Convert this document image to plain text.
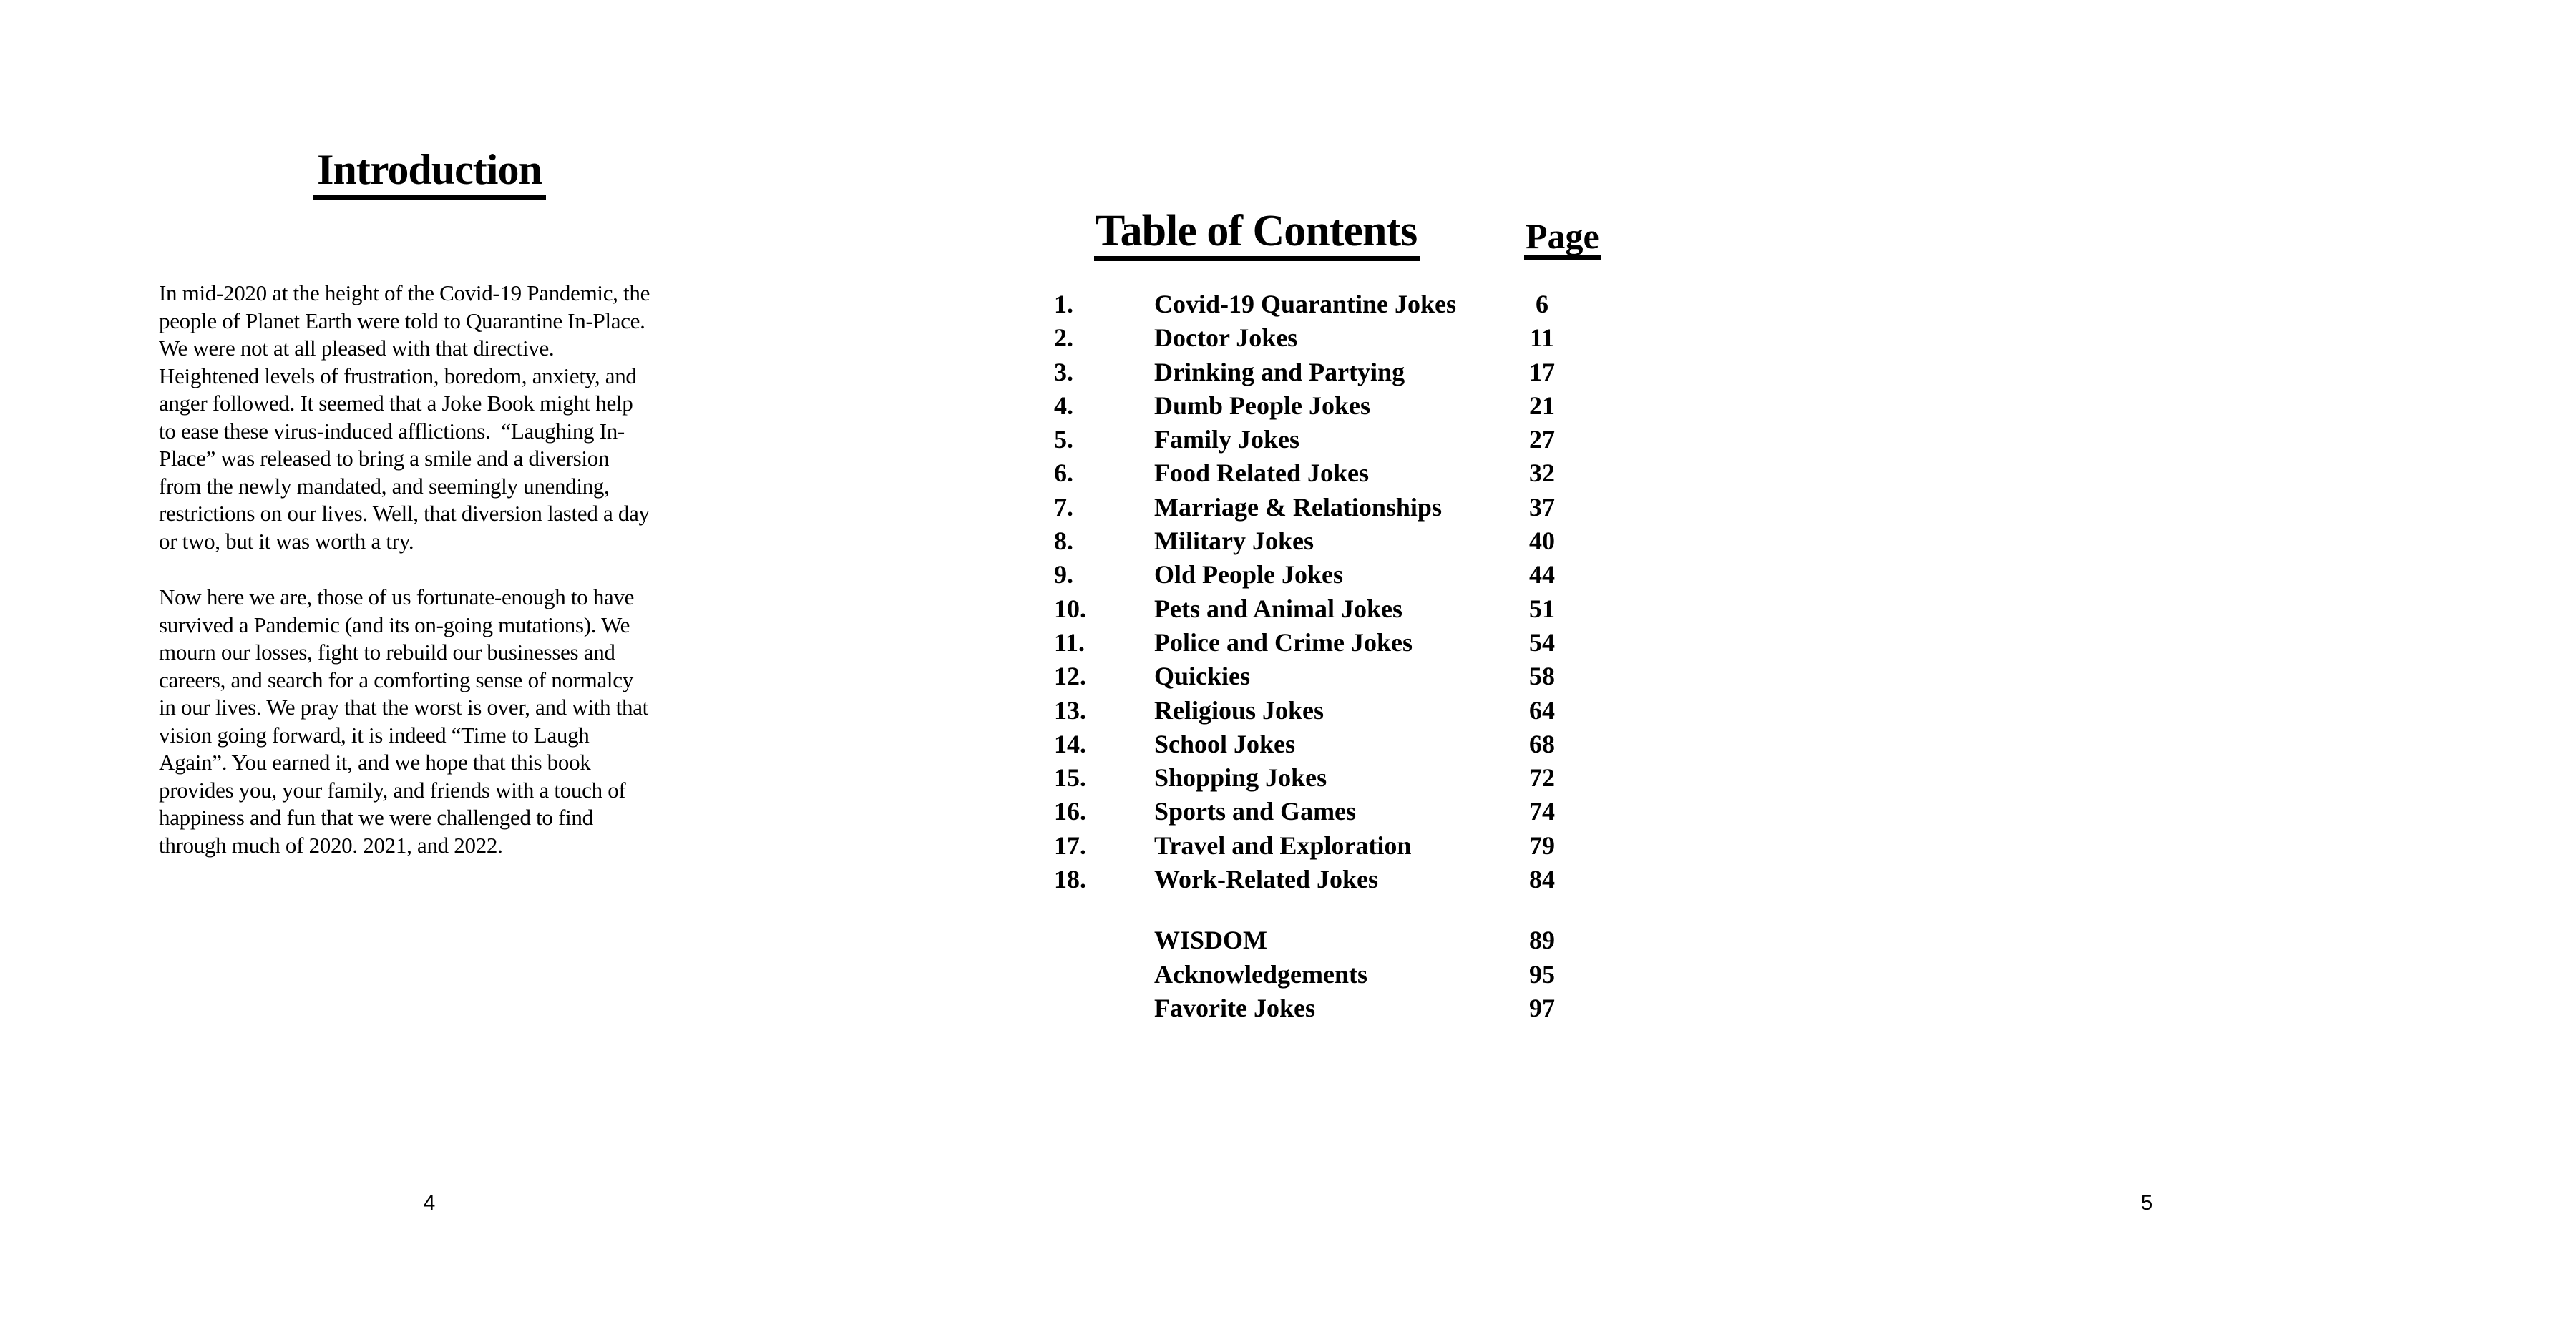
Introduction
In mid-2020 at the height of the Covid-19 Pandemic, the
people of Planet Earth were told to Quarantine In-Place.
We were not at all pleased with that directive.
Heightened levels of frustration, boredom, anxiety, and
anger followed. It seemed that a Joke Book might help
to ease these virus-induced afflictions.  “Laughing In-
Place” was released to bring a smile and a diversion
from the newly mandated, and seemingly unending,
restrictions on our lives. Well, that diversion lasted a day
or two, but it was worth a try.
Now here we are, those of us fortunate-enough to have
survived a Pandemic (and its on-going mutations). We
mourn our losses, fight to rebuild our businesses and
careers, and search for a comforting sense of normalcy
in our lives. We pray that the worst is over, and with that
vision going forward, it is indeed “Time to Laugh
Again”. You earned it, and we hope that this book
provides you, your family, and friends with a touch of
happiness and fun that we were challenged to find
through much of 2020. 2021, and 2022.
4
Table of Contents	Page
1.	Covid-19 Quarantine Jokes	6
2.	Doctor Jokes	11
3.	Drinking and Partying	17
4.	Dumb People Jokes	21
5.	Family Jokes	27
6.	Food Related Jokes	32
7.	Marriage & Relationships	37
8.	Military Jokes	40
9.	Old People Jokes	44
10.	Pets and Animal Jokes	51
11.	Police and Crime Jokes	54
12.	Quickies	58
13.	Religious Jokes	64
14.	School Jokes	68
15.	Shopping Jokes	72
16.	Sports and Games	74
17.	Travel and Exploration	79
18.	Work-Related Jokes	84
WISDOM	89
Acknowledgements	95
Favorite Jokes	97
5
